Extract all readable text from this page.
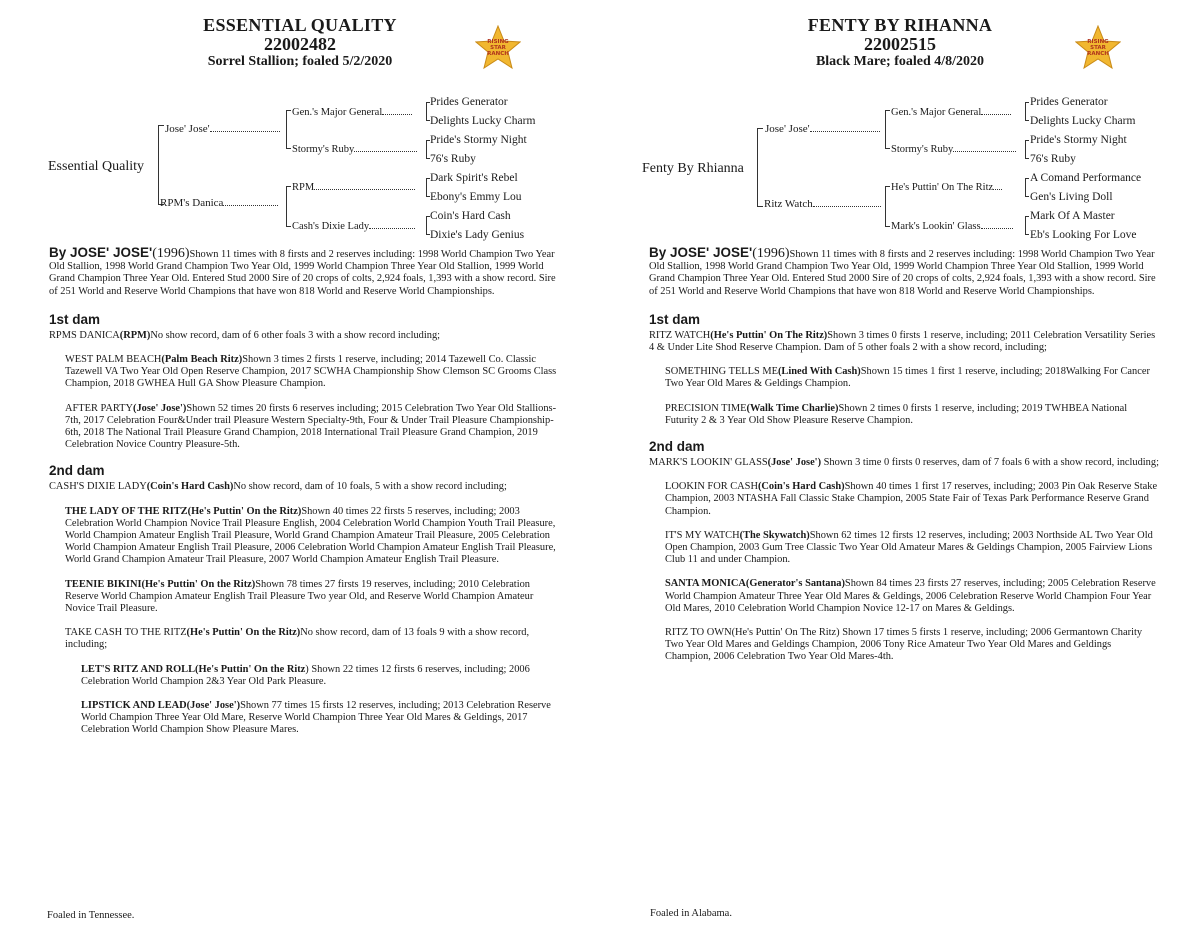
ESSENTIAL QUALITY
22002482
Sorrel Stallion; foaled 5/2/2020
RISING
STAR
RANCH
Essential Quality
Jose' Jose'
RPM's Danica
Gen.'s Major General
Stormy's Ruby
RPM
Cash's Dixie Lady
Prides Generator
Delights Lucky Charm
Pride's Stormy Night
76's Ruby
Dark Spirit's Rebel
Ebony's Emmy Lou
Coin's Hard Cash
Dixie's Lady Genius

By JOSE' JOSE'(1996)Shown 11 times with 8 firsts and 2 reserves including: 1998 World Champion Two Year Old Stallion, 1998 World Grand Champion Two Year Old, 1999 World Champion Three Year Old Stallion, 1999 World Grand Champion Three Year Old. Entered Stud 2000 Sire of 20 crops of colts, 2,924 foals, 1,393 with a show record. Sire of 251 World and Reserve World Champions that have won 818 World and Reserve World Championships.

1st dam

RPMS DANICA(RPM)No show record, dam of 6 other foals 3 with a show record including;

WEST PALM BEACH(Palm Beach Ritz)Shown 3 times 2 firsts 1 reserve, including; 2014 Tazewell Co. Classic Tazewell VA Two Year Old Open Reserve Champion, 2017 SCWHA Championship Show Clemson SC Grooms Class Champion, 2018 GWHEA Hull GA Show Pleasure Champion.

AFTER PARTY(Jose' Jose')Shown 52 times 20 firsts 6 reserves including; 2015 Celebration Two Year Old Stallions-7th, 2017 Celebration Four&Under trail Pleasure Western Specialty-9th, Four & Under Trail Pleasure Championship-6th, 2018 The National Trail Pleasure Grand Champion, 2018 International Trail Pleasure Grand Champion, 2019 Celebration Novice Country Pleasure-5th.

2nd dam

CASH'S DIXIE LADY(Coin's Hard Cash)No show record, dam of 10 foals, 5 with a show record including;

THE LADY OF THE RITZ(He's Puttin' On the Ritz)Shown 40 times 22 firsts 5 reserves, including; 2003 Celebration World Champion Novice Trail Pleasure English, 2004 Celebration World Champion Youth Trail Pleasure, World Champion Amateur English Trail Pleasure, World Grand Champion Amateur Trail Pleasure, 2005 Celebration World Champion Amateur English Trail Pleasure, 2006 Celebration World Champion Amateur English Trail Pleasure, World Grand Champion Amateur Trail Pleasure, 2007 World Champion Amateur English Trail Pleasure.

TEENIE BIKINI(He's Puttin' On the Ritz)Shown 78 times 27 firsts 19 reserves, including; 2010 Celebration Reserve World Champion Amateur English Trail Pleasure Two year Old, and Reserve World Champion Amateur Novice Trail Pleasure.

TAKE CASH TO THE RITZ(He's Puttin' On the Ritz)No show record, dam of 13 foals 9 with a show record, including;

LET'S RITZ AND ROLL(He's Puttin' On the Ritz) Shown 22 times 12 firsts 6 reserves, including; 2006 Celebration World Champion 2&3 Year Old Park Pleasure.

LIPSTICK AND LEAD(Jose' Jose')Shown 77 times 15 firsts 12 reserves, including; 2013 Celebration Reserve World Champion Three Year Old Mare, Reserve World Champion Three Year Old Mares & Geldings, 2017 Celebration World Champion Show Pleasure Mares.

Foaled in Tennessee.
FENTY BY RIHANNA
22002515
Black Mare; foaled 4/8/2020
RISING
STAR
RANCH
Fenty By Rhianna
Jose' Jose'
Ritz Watch
Gen.'s Major General
Stormy's Ruby
He's Puttin' On The Ritz
Mark's Lookin' Glass
Prides Generator
Delights Lucky Charm
Pride's Stormy Night
76's Ruby
A Comand Performance
Gen's Living Doll
Mark Of A Master
Eb's Looking For Love

By JOSE' JOSE'(1996)Shown 11 times with 8 firsts and 2 reserves including: 1998 World Champion Two Year Old Stallion, 1998 World Grand Champion Two Year Old, 1999 World Champion Three Year Old Stallion, 1999 World Grand Champion Three Year Old. Entered Stud 2000 Sire of 20 crops of colts, 2,924 foals, 1,393 with a show record. Sire of 251 World and Reserve World Champions that have won 818 World and Reserve World Championships.

1st dam

RITZ WATCH(He's Puttin' On The Ritz)Shown 3 times 0 firsts 1 reserve, including; 2011 Celebration Versatility Series 4 & Under Lite Shod Reserve Champion. Dam of 5 other foals 2 with a show record, including;

SOMETHING TELLS ME(Lined With Cash)Shown 15 times 1 first 1 reserve, including; 2018Walking For Cancer Two Year Old Mares & Geldings Champion.

PRECISION TIME(Walk Time Charlie)Shown 2 times 0 firsts 1 reserve, including; 2019 TWHBEA National Futurity 2 & 3 Year Old Show Pleasure Reserve Champion.

2nd dam

MARK'S LOOKIN' GLASS(Jose' Jose') Shown 3 time 0 firsts 0 reserves, dam of 7 foals 6 with a show record, including;

LOOKIN FOR CASH(Coin's Hard Cash)Shown 40 times 1 first 17 reserves, including; 2003 Pin Oak Reserve Stake Champion, 2003 NTASHA Fall Classic Stake Champion, 2005 State Fair of Texas Park Performance Reserve Grand Champion.

IT'S MY WATCH(The Skywatch)Shown 62 times 12 firsts 12 reserves, including; 2003 Northside AL Two Year Old Open Champion, 2003 Gum Tree Classic Two Year Old Amateur Mares & Geldings Champion, 2005 Fairview Lions Club 11 and under Champion.

SANTA MONICA(Generator's Santana)Shown 84 times 23 firsts 27 reserves, including; 2005 Celebration Reserve World Champion Amateur Three Year Old Mares & Geldings, 2006 Celebration Reserve World Champion Four Year Old Mares, 2010 Celebration World Champion Novice 12-17 on Mares & Geldings.

RITZ TO OWN(He's Puttin' On The Ritz) Shown 17 times 5 firsts 1 reserve, including; 2006 Germantown Charity Two Year Old Mares and Geldings Champion, 2006 Tony Rice Amateur Two Year Old Mares and Geldings Champion, 2006 Celebration Two Year Old Mares-4th.

Foaled in Alabama.
